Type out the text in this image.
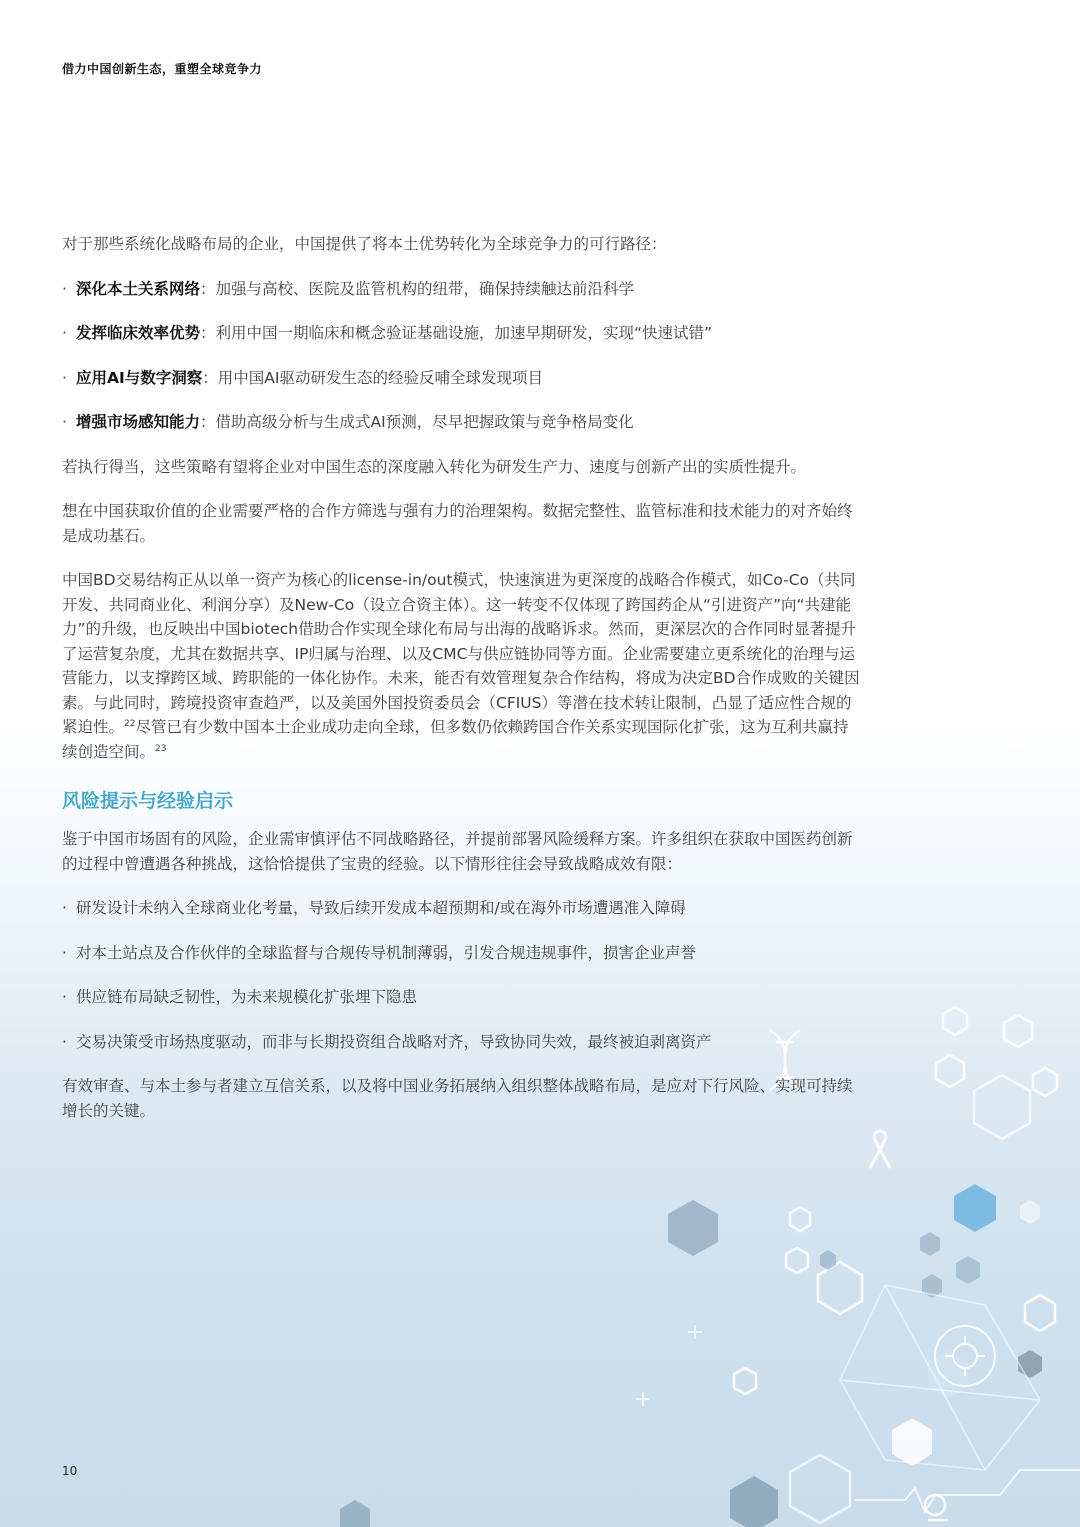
借力中国创新生态，重塑全球竞争力

对于那些系统化战略布局的企业，中国提供了将本土优势转化为全球竞争力的可行路径：

· 深化本土关系网络：加强与高校、医院及监管机构的纽带，确保持续触达前沿科学
· 发挥临床效率优势：利用中国一期临床和概念验证基础设施，加速早期研发，实现“快速试错”
· 应用AI与数字洞察：用中国AI驱动研发生态的经验反哺全球发现项目
· 增强市场感知能力：借助高级分析与生成式AI预测，尽早把握政策与竞争格局变化

若执行得当，这些策略有望将企业对中国生态的深度融入转化为研发生产力、速度与创新产出的实质性提升。

想在中国获取价值的企业需要严格的合作方筛选与强有力的治理架构。数据完整性、监管标准和技术能力的对齐始终是成功基石。

中国BD交易结构正从以单一资产为核心的license-in/out模式，快速演进为更深度的战略合作模式，如Co-Co（共同开发、共同商业化、利润分享）及New-Co（设立合资主体）。这一转变不仅体现了跨国药企从“引进资产”向“共建能力”的升级，也反映出中国biotech借助合作实现全球化布局与出海的战略诉求。然而，更深层次的合作同时显著提升了运营复杂度，尤其在数据共享、IP归属与治理、以及CMC与供应链协同等方面。企业需要建立更系统化的治理与运营能力，以支撑跨区域、跨职能的一体化协作。未来，能否有效管理复杂合作结构，将成为决定BD合作成败的关键因素。与此同时，跨境投资审查趋严，以及美国外国投资委员会（CFIUS）等潜在技术转让限制，凸显了适应性合规的紧迫性。$^{22}$尽管已有少数中国本土企业成功走向全球，但多数仍依赖跨国合作关系实现国际化扩张，这为互利共赢持续创造空间。$^{23}$

风险提示与经验启示

鉴于中国市场固有的风险，企业需审慎评估不同战略路径，并提前部署风险缓释方案。许多组织在获取中国医药创新的过程中曾遭遇各种挑战，这恰恰提供了宝贵的经验。以下情形往往会导致战略成效有限：

· 研发设计未纳入全球商业化考量，导致后续开发成本超预期和/或在海外市场遭遇准入障碍
· 对本土站点及合作伙伴的全球监督与合规传导机制薄弱，引发合规违规事件，损害企业声誉
· 供应链布局缺乏韧性，为未来规模化扩张埋下隐患
· 交易决策受市场热度驱动，而非与长期投资组合战略对齐，导致协同失效，最终被迫剥离资产

有效审查、与本土参与者建立互信关系，以及将中国业务拓展纳入组织整体战略布局，是应对下行风险、实现可持续增长的关键。

10
